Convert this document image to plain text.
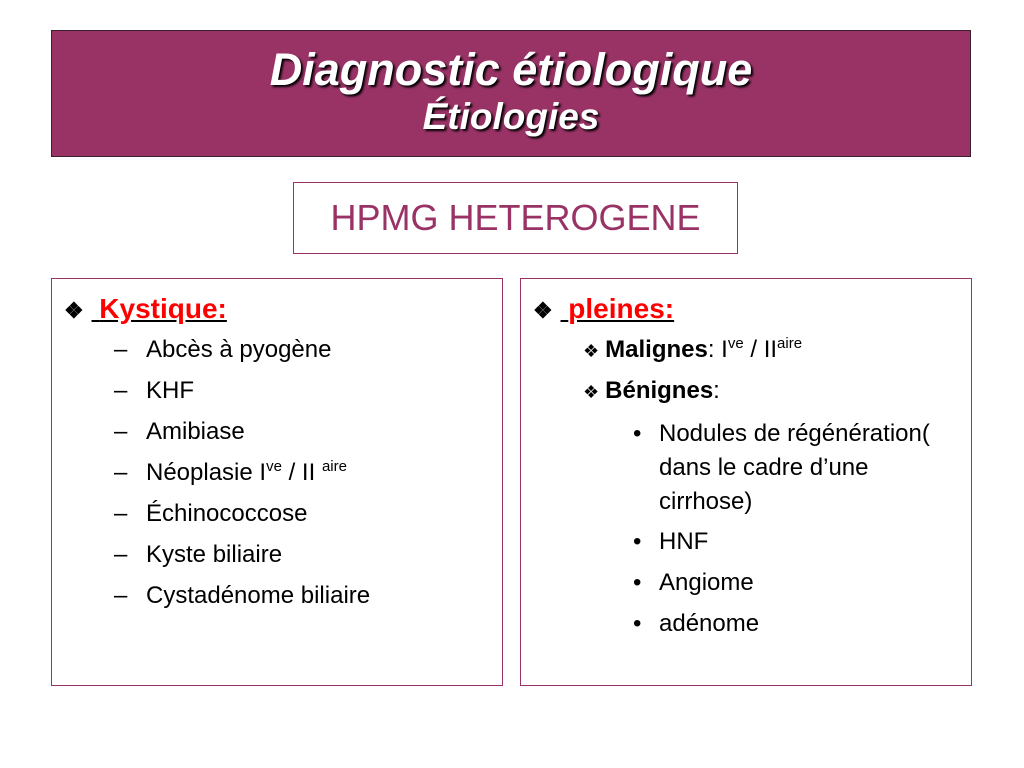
Diagnostic étiologique
Étiologies
HPMG HETEROGENE
❖ Kystique:
– Abcès à pyogène
– KHF
– Amibiase
– Néoplasie $I^{ve}$ / II $^{aire}$
– Échinococcose
– Kyste biliaire
– Cystadénome biliaire
❖ pleines:
❖ Malignes: $I^{ve} / II^{aire}$
❖ Bénignes:
• Nodules de régénération( dans le cadre d’une cirrhose)
• HNF
• Angiome
• adénome
